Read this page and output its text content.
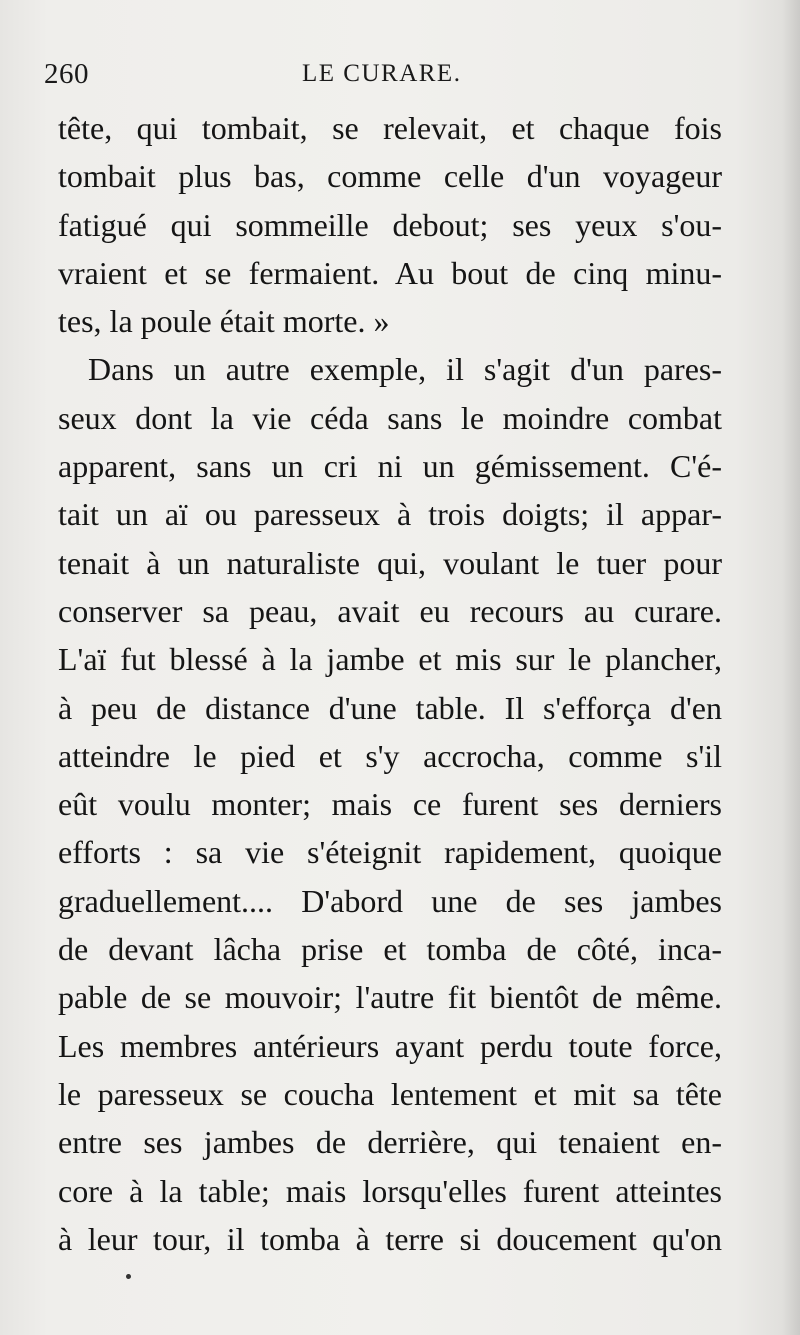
260	LE CURARE.
tête, qui tombait, se relevait, et chaque fois
tombait plus bas, comme celle d'un voyageur
fatigué qui sommeille debout; ses yeux s'ou-
vraient et se fermaient. Au bout de cinq minu-
tes, la poule était morte. »
Dans un autre exemple, il s'agit d'un pares-
seux dont la vie céda sans le moindre combat
apparent, sans un cri ni un gémissement. C'é-
tait un aï ou paresseux à trois doigts; il appar-
tenait à un naturaliste qui, voulant le tuer pour
conserver sa peau, avait eu recours au curare.
L'aï fut blessé à la jambe et mis sur le plancher,
à peu de distance d'une table. Il s'efforça d'en
atteindre le pied et s'y accrocha, comme s'il
eût voulu monter; mais ce furent ses derniers
efforts : sa vie s'éteignit rapidement, quoique
graduellement.... D'abord une de ses jambes
de devant lâcha prise et tomba de côté, inca-
pable de se mouvoir; l'autre fit bientôt de même.
Les membres antérieurs ayant perdu toute force,
le paresseux se coucha lentement et mit sa tête
entre ses jambes de derrière, qui tenaient en-
core à la table; mais lorsqu'elles furent atteintes
à leur tour, il tomba à terre si doucement qu'on
